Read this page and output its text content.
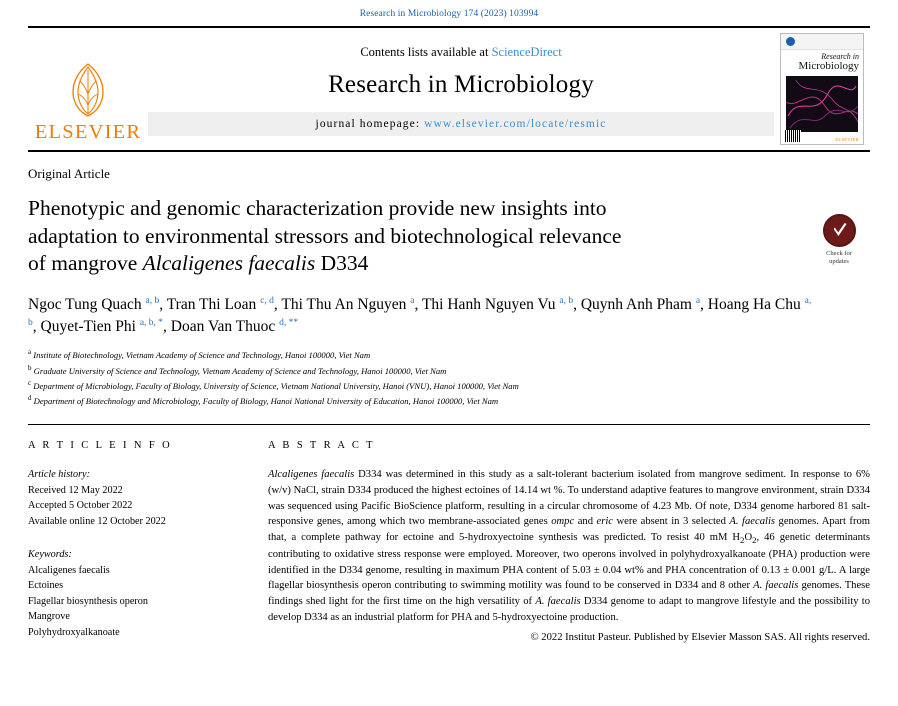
Research in Microbiology 174 (2023) 103994
ELSEVIER
Contents lists available at ScienceDirect
Research in Microbiology
journal homepage: www.elsevier.com/locate/resmic
Research in
Microbiology
ELSEVIER
Original Article
Phenotypic and genomic characterization provide new insights into
adaptation to environmental stressors and biotechnological relevance
of mangrove Alcaligenes faecalis D334	Check for
updates
Ngoc Tung Quach $^{a, b}$, Tran Thi Loan $^{c, d}$, Thi Thu An Nguyen $^a$, Thi Hanh Nguyen Vu $^{a, b}$, Quynh Anh Pham $^a$, Hoang Ha Chu $^{a, b}$, Quyet-Tien Phi $^{a, b, *}$, Doan Van Thuoc $^{d, **}$
$^a$ Institute of Biotechnology, Vietnam Academy of Science and Technology, Hanoi 100000, Viet Nam
$^b$ Graduate University of Science and Technology, Vietnam Academy of Science and Technology, Hanoi 100000, Viet Nam
$^c$ Department of Microbiology, Faculty of Biology, University of Science, Vietnam National University, Hanoi (VNU), Hanoi 100000, Viet Nam
$^d$ Department of Biotechnology and Microbiology, Faculty of Biology, Hanoi National University of Education, Hanoi 100000, Viet Nam
A R T I C L E I N F O
Article history:
Received 12 May 2022
Accepted 5 October 2022
Available online 12 October 2022
Keywords:
Alcaligenes faecalis
Ectoines
Flagellar biosynthesis operon
Mangrove
Polyhydroxyalkanoate
A B S T R A C T
Alcaligenes faecalis D334 was determined in this study as a salt-tolerant bacterium isolated from mangrove sediment. In response to 6% (w/v) NaCl, strain D334 produced the highest ectoines of 14.14 wt %. To understand adaptive features to mangrove environment, strain D334 was sequenced using Pacific BioScience platform, resulting in a circular chromosome of 4.23 Mb. Of note, D334 genome harbored 81 salt-responsive genes, among which two membrane-associated genes ompc and eric were absent in 3 selected A. faecalis genomes. Apart from that, a complete pathway for ectoine and 5-hydroxyectoine synthesis was predicted. To resist 40 mM $H_2O_2$, 46 genetic determinants contributing to oxidative stress response were employed. Moreover, two operons involved in polyhydroxyalkanoate (PHA) production were identified in the D334 genome, resulting in maximum PHA content of 5.03 ± 0.04 wt% and PHA concentration of 0.13 ± 0.001 g/L. A large flagellar biosynthesis operon contributing to swimming motility was found to be conserved in D334 and 8 other A. faecalis genomes. These findings shed light for the first time on the high versatility of A. faecalis D334 genome to adapt to mangrove lifestyle and the possibility to develop D334 as an industrial platform for PHA and 5-hydroxyectoine production.
© 2022 Institut Pasteur. Published by Elsevier Masson SAS. All rights reserved.
